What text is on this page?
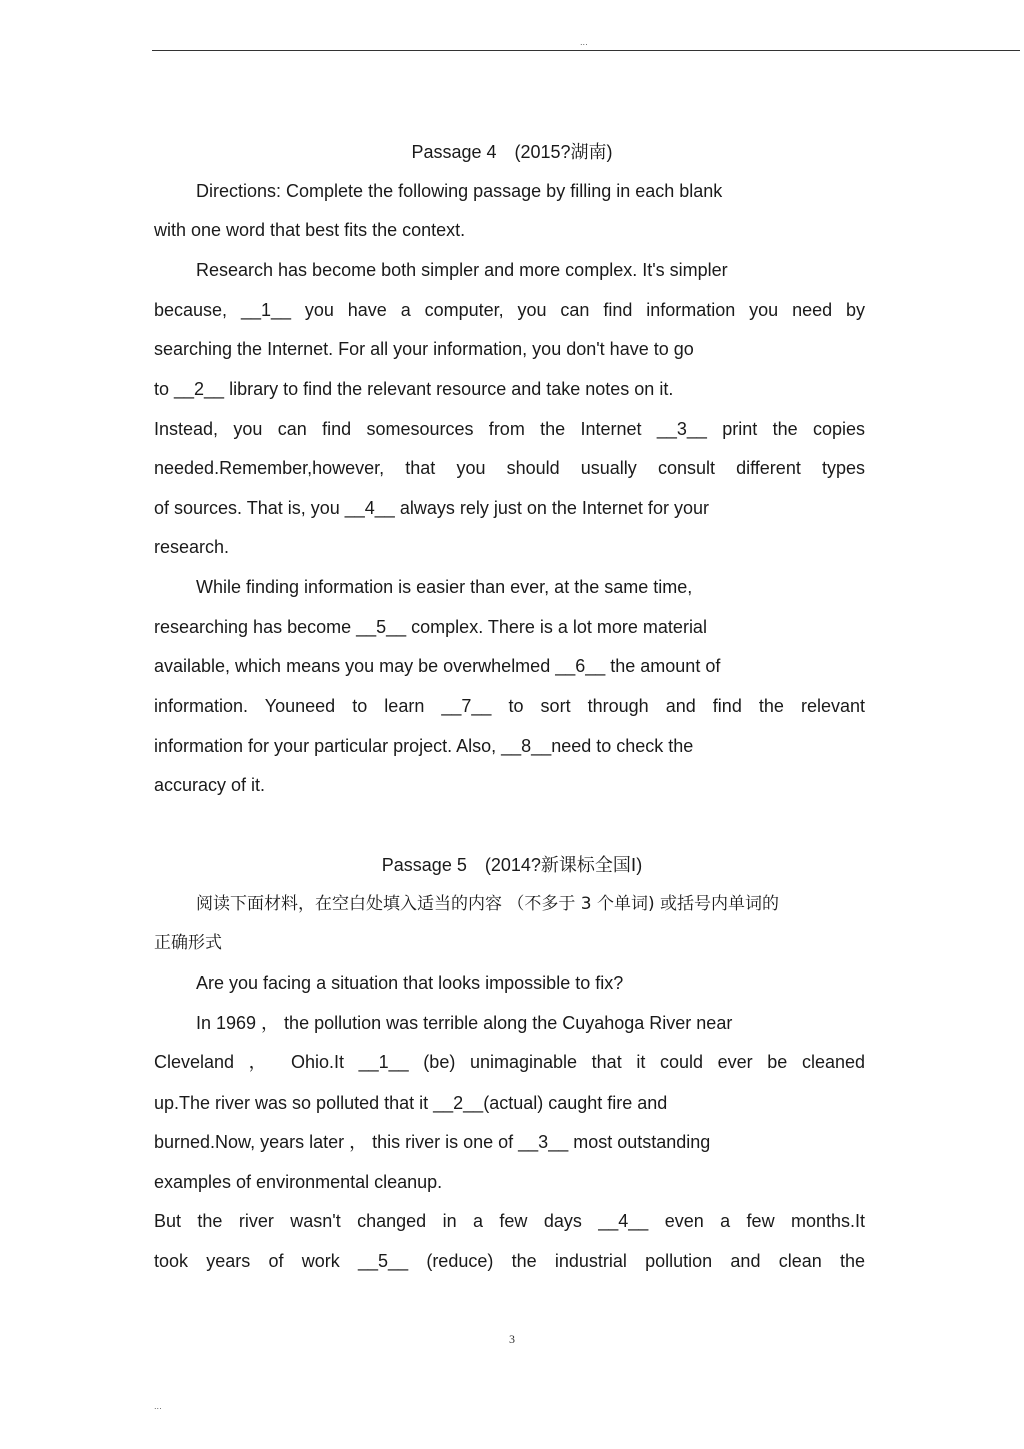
...
Passage 4　(2015?湖南)
Directions: Complete the following passage by filling in each blank
with one word that best fits the context.
Research has become both simpler and more complex. It's simpler
because, __1__ you have a computer, you can find information you need by
searching the Internet. For all your information, you don't have to go
to __2__ library to find the relevant resource and take notes on it.
Instead, you can find somesources from the Internet __3__ print the copies
needed.Remember,however, that you should usually consult different types
of sources. That is, you __4__ always rely just on the Internet for your
research.
While finding information is easier than ever, at the same time,
researching has become __5__ complex. There is a lot more material
available, which means you may be overwhelmed __6__ the amount of
information. Youneed to learn __7__ to sort through and find the relevant
information for your particular project. Also, __8__need to check the
accuracy of it.
Passage 5　(2014?新课标全国Ⅰ)
阅读下面材料，在空白处填入适当的内容 （不多于 3 个单词) 或括号内单词的
正确形式
Are you facing a situation that looks impossible to fix?
In 1969 ， the pollution was terrible along the Cuyahoga River near
Cleveland ， Ohio.It __1__ (be) unimaginable that it could ever be cleaned
up.The river was so polluted that it __2__(actual) caught fire and
burned.Now, years later ， this river is one of __3__ most outstanding
examples of environmental cleanup.
But the river wasn't changed in a few days __4__ even a few months.It
took years of work __5__ (reduce) the industrial pollution and clean the
3
...
